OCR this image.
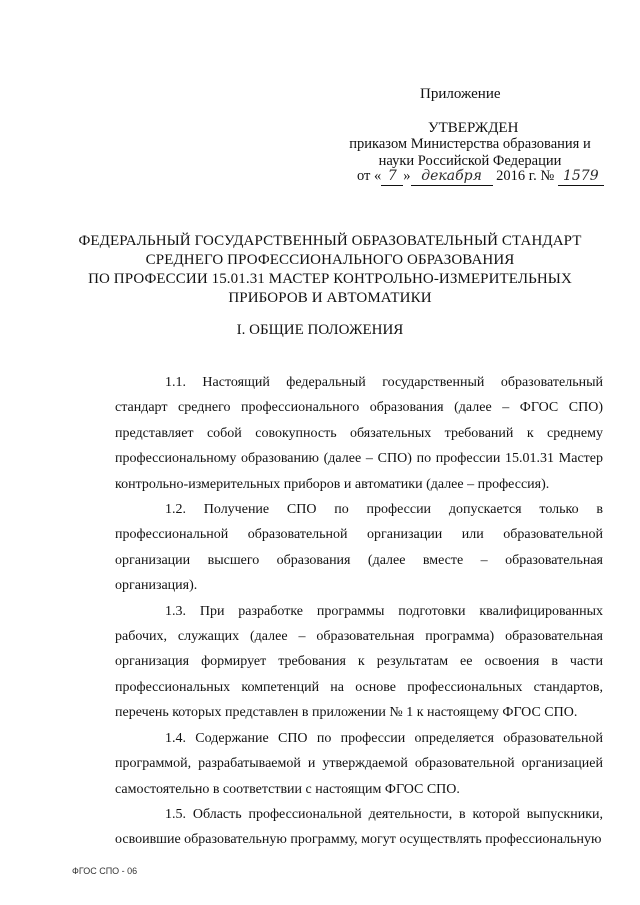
Приложение
УТВЕРЖДЕН
приказом Министерства образования и
науки Российской Федерации
от « 7 » декабря 2016 г. № 1579
ФЕДЕРАЛЬНЫЙ ГОСУДАРСТВЕННЫЙ ОБРАЗОВАТЕЛЬНЫЙ СТАНДАРТ
СРЕДНЕГО ПРОФЕССИОНАЛЬНОГО ОБРАЗОВАНИЯ
ПО ПРОФЕССИИ 15.01.31 МАСТЕР КОНТРОЛЬНО-ИЗМЕРИТЕЛЬНЫХ
ПРИБОРОВ И АВТОМАТИКИ
I. ОБЩИЕ ПОЛОЖЕНИЯ

1.1. Настоящий федеральный государственный образовательный стандарт среднего профессионального образования (далее – ФГОС СПО) представляет собой совокупность обязательных требований к среднему профессиональному образованию (далее – СПО) по профессии 15.01.31 Мастер контрольно-измерительных приборов и автоматики (далее – профессия).

1.2. Получение СПО по профессии допускается только в профессиональной образовательной организации или образовательной организации высшего образования (далее вместе – образовательная организация).

1.3. При разработке программы подготовки квалифицированных рабочих, служащих (далее – образовательная программа) образовательная организация формирует требования к результатам ее освоения в части профессиональных компетенций на основе профессиональных стандартов, перечень которых представлен в приложении № 1 к настоящему ФГОС СПО.

1.4. Содержание СПО по профессии определяется образовательной программой, разрабатываемой и утверждаемой образовательной организацией самостоятельно в соответствии с настоящим ФГОС СПО.

1.5. Область профессиональной деятельности, в которой выпускники, освоившие образовательную программу, могут осуществлять профессиональную

ФГОС СПО - 06
